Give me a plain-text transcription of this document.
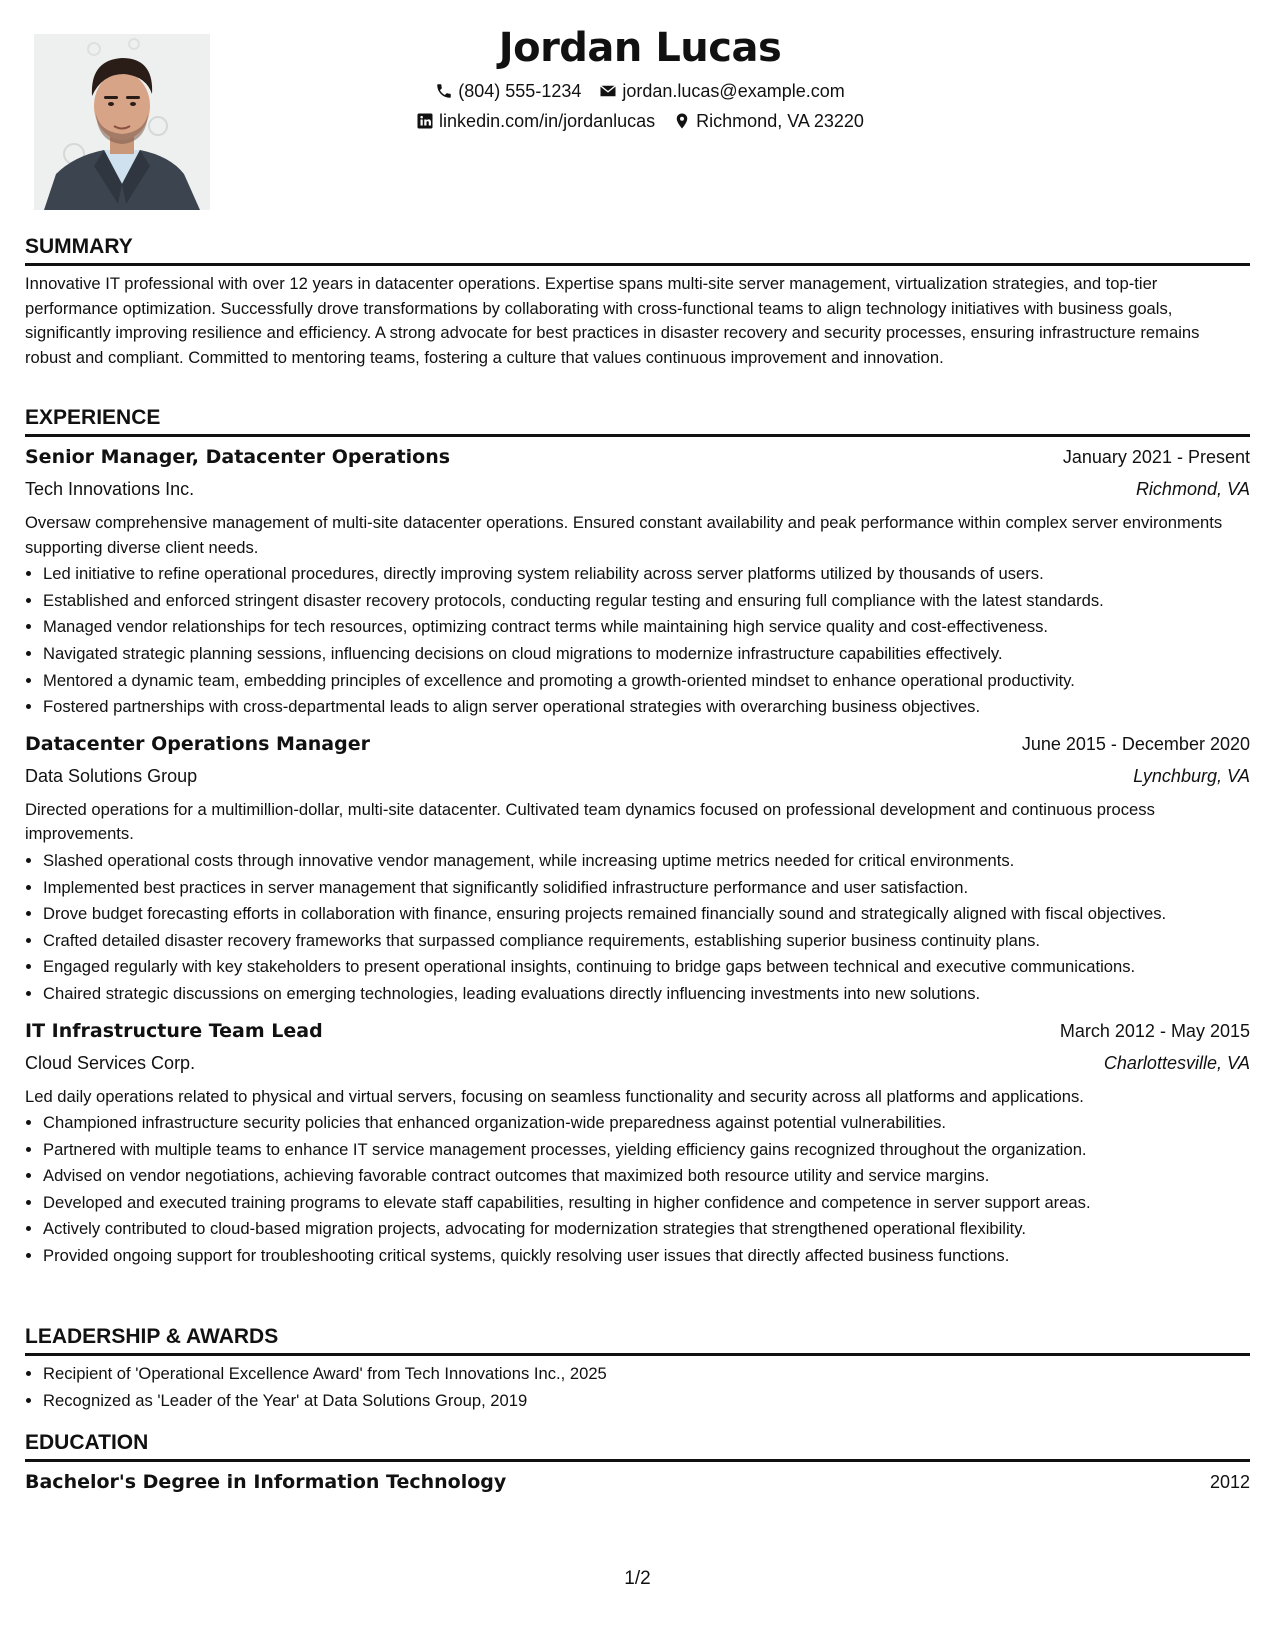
Jordan Lucas
(804) 555-1234 jordan.lucas@example.com
linkedin.com/in/jordanlucas Richmond, VA 23220
SUMMARY

Innovative IT professional with over 12 years in datacenter operations. Expertise spans multi-site server management, virtualization strategies, and top-tier performance optimization. Successfully drove transformations by collaborating with cross-functional teams to align technology initiatives with business goals, significantly improving resilience and efficiency. A strong advocate for best practices in disaster recovery and security processes, ensuring infrastructure remains robust and compliant. Committed to mentoring teams, fostering a culture that values continuous improvement and innovation.

EXPERIENCE
Senior Manager, Datacenter Operations	January 2021 - Present
Tech Innovations Inc.	Richmond, VA

Oversaw comprehensive management of multi-site datacenter operations. Ensured constant availability and peak performance within complex server environments supporting diverse client needs.

• Led initiative to refine operational procedures, directly improving system reliability across server platforms utilized by thousands of users.
• Established and enforced stringent disaster recovery protocols, conducting regular testing and ensuring full compliance with the latest standards.
• Managed vendor relationships for tech resources, optimizing contract terms while maintaining high service quality and cost-effectiveness.
• Navigated strategic planning sessions, influencing decisions on cloud migrations to modernize infrastructure capabilities effectively.
• Mentored a dynamic team, embedding principles of excellence and promoting a growth-oriented mindset to enhance operational productivity.
• Fostered partnerships with cross-departmental leads to align server operational strategies with overarching business objectives.
Datacenter Operations Manager	June 2015 - December 2020
Data Solutions Group	Lynchburg, VA

Directed operations for a multimillion-dollar, multi-site datacenter. Cultivated team dynamics focused on professional development and continuous process improvements.

• Slashed operational costs through innovative vendor management, while increasing uptime metrics needed for critical environments.
• Implemented best practices in server management that significantly solidified infrastructure performance and user satisfaction.
• Drove budget forecasting efforts in collaboration with finance, ensuring projects remained financially sound and strategically aligned with fiscal objectives.
• Crafted detailed disaster recovery frameworks that surpassed compliance requirements, establishing superior business continuity plans.
• Engaged regularly with key stakeholders to present operational insights, continuing to bridge gaps between technical and executive communications.
• Chaired strategic discussions on emerging technologies, leading evaluations directly influencing investments into new solutions.
IT Infrastructure Team Lead	March 2012 - May 2015
Cloud Services Corp.	Charlottesville, VA

Led daily operations related to physical and virtual servers, focusing on seamless functionality and security across all platforms and applications.

• Championed infrastructure security policies that enhanced organization-wide preparedness against potential vulnerabilities.
• Partnered with multiple teams to enhance IT service management processes, yielding efficiency gains recognized throughout the organization.
• Advised on vendor negotiations, achieving favorable contract outcomes that maximized both resource utility and service margins.
• Developed and executed training programs to elevate staff capabilities, resulting in higher confidence and competence in server support areas.
• Actively contributed to cloud-based migration projects, advocating for modernization strategies that strengthened operational flexibility.
• Provided ongoing support for troubleshooting critical systems, quickly resolving user issues that directly affected business functions.
LEADERSHIP & AWARDS
• Recipient of 'Operational Excellence Award' from Tech Innovations Inc., 2025
• Recognized as 'Leader of the Year' at Data Solutions Group, 2019
EDUCATION
Bachelor's Degree in Information Technology	2012
1/2
